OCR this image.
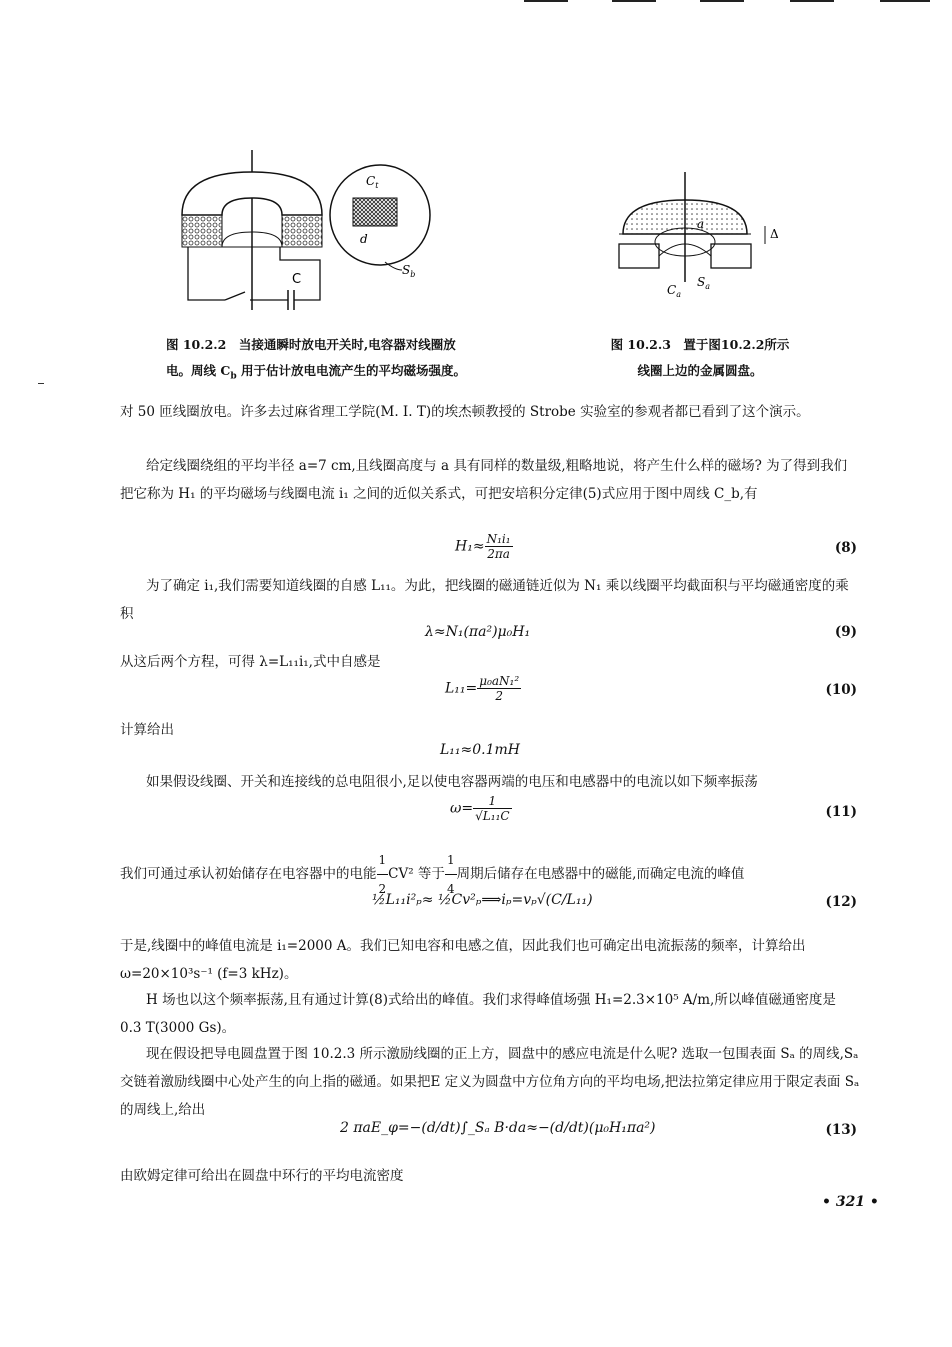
C
$C_t$
d
$S_b$
图 10.2.2　当接通瞬时放电开关时,电容器对线圈放
电。周线 $C_b$ 用于估计放电电流产生的平均磁场强度。
a
Δ
$C_a$
$S_a$
图 10.2.3　置于图10.2.2所示
线圈上边的金属圆盘。
对 50 匝线圈放电。许多去过麻省理工学院(M. I. T)的埃杰顿教授的 Strobe 实验室的参观者都已看到了这个演示。
给定线圈绕组的平均半径 a=7 cm,且线圈高度与 a 具有同样的数量级,粗略地说，将产生什么样的磁场? 为了得到我们把它称为 H₁ 的平均磁场与线圈电流 i₁ 之间的近似关系式，可把安培积分定律(5)式应用于图中周线 C_b,有
$H_1\approx \frac{\text{N₁i₁}}{2\pi a}$	(8)
为了确定 i₁,我们需要知道线圈的自感 L₁₁。为此，把线圈的磁通链近似为 N₁ 乘以线圈平均截面积与平均磁通密度的乘积
λ≈N₁(πa²)μ₀H₁	(9)
从这后两个方程，可得 λ=L₁₁i₁,式中自感是
$L_{11}= \frac{\text{μ₀aN₁²}}{2}$	(10)
计算给出
L₁₁≈0.1mH
如果假设线圈、开关和连接线的总电阻很小,足以使电容器两端的电压和电感器中的电流以如下频率振荡
$\omega= \frac{1}{\text{√L₁₁C}}$	(11)
我们可通过承认初始储存在电容器中的电能 $\frac{1}{2} CV^2$ 等于 $\frac{1}{4}$ 周期后储存在电感器中的磁能,而确定电流的峰值
½L₁₁i²ₚ≈ ½Cv²ₚ⟹iₚ=vₚ√(C/L₁₁)	(12)
于是,线圈中的峰值电流是 i₁=2000 A。我们已知电容和电感之值，因此我们也可确定出电流振荡的频率，计算给出 ω=20×10³s⁻¹ (f=3 kHz)。
H 场也以这个频率振荡,且有通过计算(8)式给出的峰值。我们求得峰值场强 H₁=2.3×10⁵ A/m,所以峰值磁通密度是 0.3 T(3000 Gs)。
现在假设把导电圆盘置于图 10.2.3 所示激励线圈的正上方，圆盘中的感应电流是什么呢? 选取一包围表面 Sₐ 的周线,Sₐ 交链着激励线圈中心处产生的向上指的磁通。如果把E 定义为圆盘中方位角方向的平均电场,把法拉第定律应用于限定表面 Sₐ 的周线上,给出
2 πaE_φ=−(d/dt)∫_Sₐ B·da≈−(d/dt)(μ₀H₁πa²)	(13)
由欧姆定律可给出在圆盘中环行的平均电流密度
• 321 •
